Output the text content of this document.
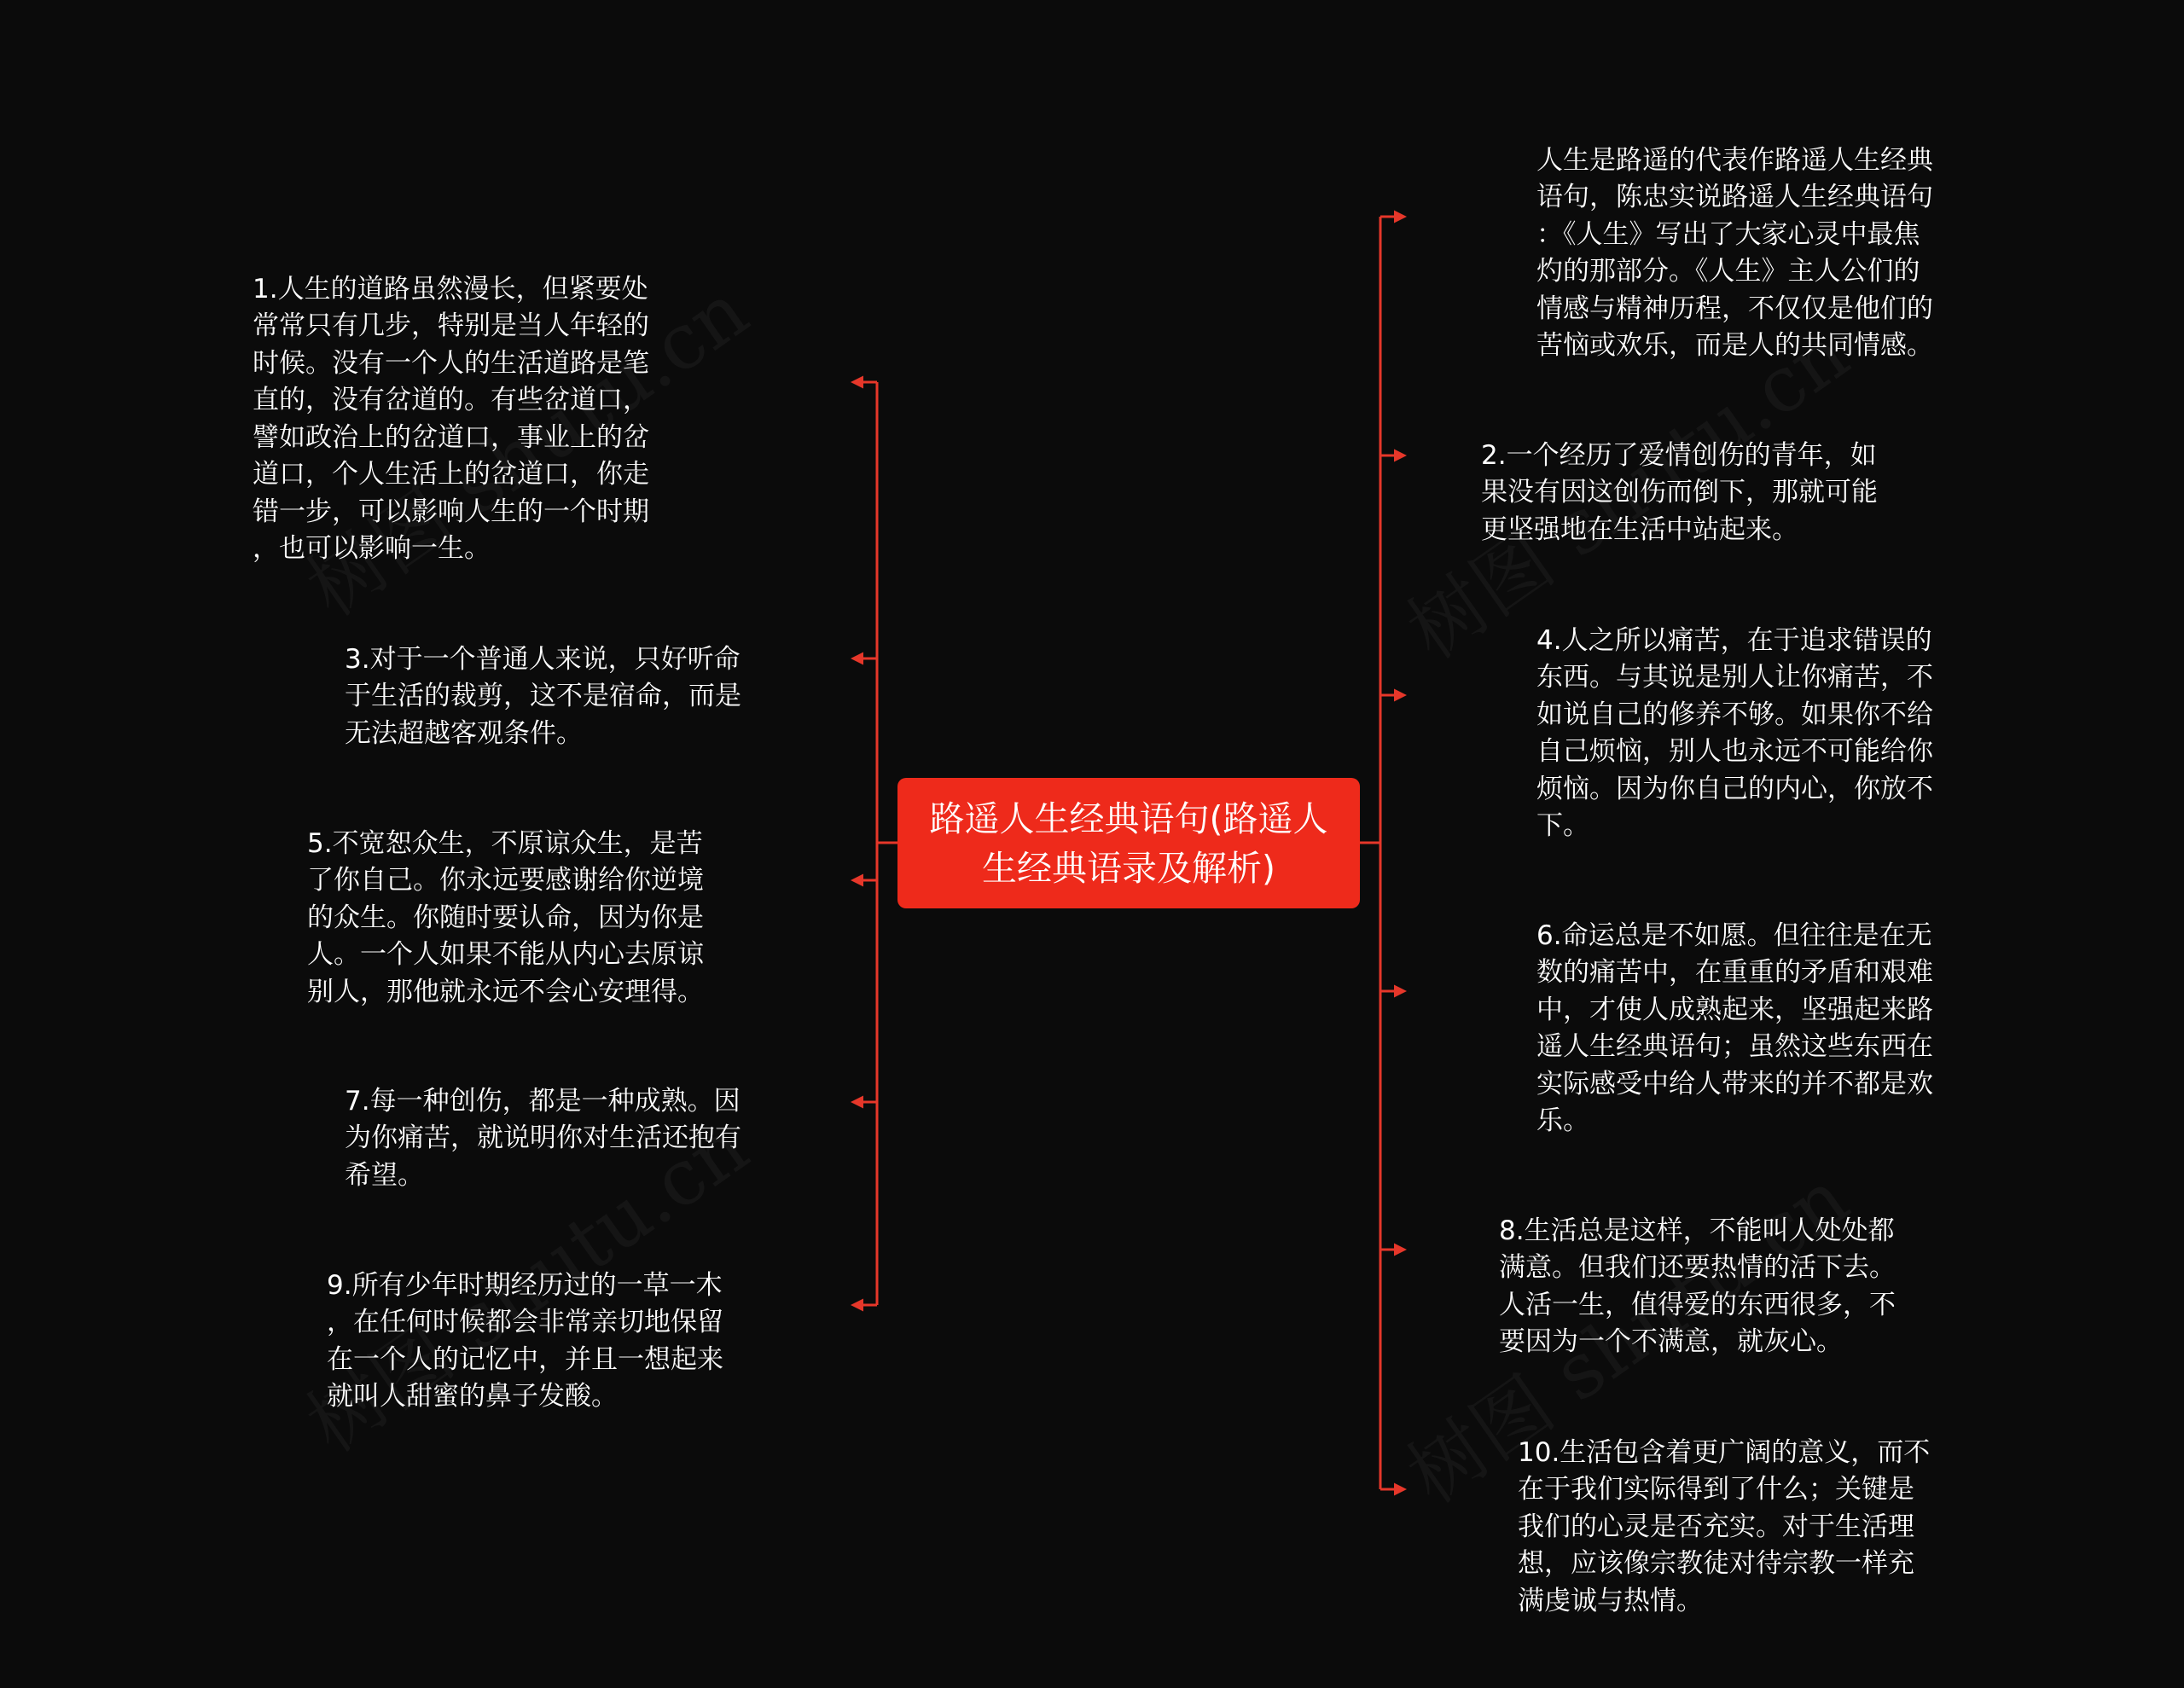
路遥人生经典语句(路遥人
生经典语录及解析)

1.人生的道路虽然漫长，但紧要处
常常只有几步，特别是当人年轻的
时候。没有一个人的生活道路是笔
直的，没有岔道的。有些岔道口，
譬如政治上的岔道口，事业上的岔
道口，个人生活上的岔道口，你走
错一步，可以影响人生的一个时期
，也可以影响一生。

3.对于一个普通人来说，只好听命
于生活的裁剪，这不是宿命，而是
无法超越客观条件。

5.不宽恕众生，不原谅众生，是苦
了你自己。你永远要感谢给你逆境
的众生。你随时要认命，因为你是
人。一个人如果不能从内心去原谅
别人，那他就永远不会心安理得。

7.每一种创伤，都是一种成熟。因
为你痛苦，就说明你对生活还抱有
希望。

9.所有少年时期经历过的一草一木
，在任何时候都会非常亲切地保留
在一个人的记忆中，并且一想起来
就叫人甜蜜的鼻子发酸。

人生是路遥的代表作路遥人生经典
语句，陈忠实说路遥人生经典语句
：《人生》写出了大家心灵中最焦
灼的那部分。《人生》主人公们的
情感与精神历程，不仅仅是他们的
苦恼或欢乐，而是人的共同情感。

2.一个经历了爱情创伤的青年，如
果没有因这创伤而倒下，那就可能
更坚强地在生活中站起来。

4.人之所以痛苦，在于追求错误的
东西。与其说是别人让你痛苦，不
如说自己的修养不够。如果你不给
自己烦恼，别人也永远不可能给你
烦恼。因为你自己的内心，你放不
下。

6.命运总是不如愿。但往往是在无
数的痛苦中，在重重的矛盾和艰难
中，才使人成熟起来，坚强起来路
遥人生经典语句；虽然这些东西在
实际感受中给人带来的并不都是欢
乐。

8.生活总是这样，不能叫人处处都
满意。但我们还要热情的活下去。
人活一生，值得爱的东西很多，不
要因为一个不满意，就灰心。

10.生活包含着更广阔的意义，而不
在于我们实际得到了什么；关键是
我们的心灵是否充实。对于生活理
想，应该像宗教徒对待宗教一样充
满虔诚与热情。
